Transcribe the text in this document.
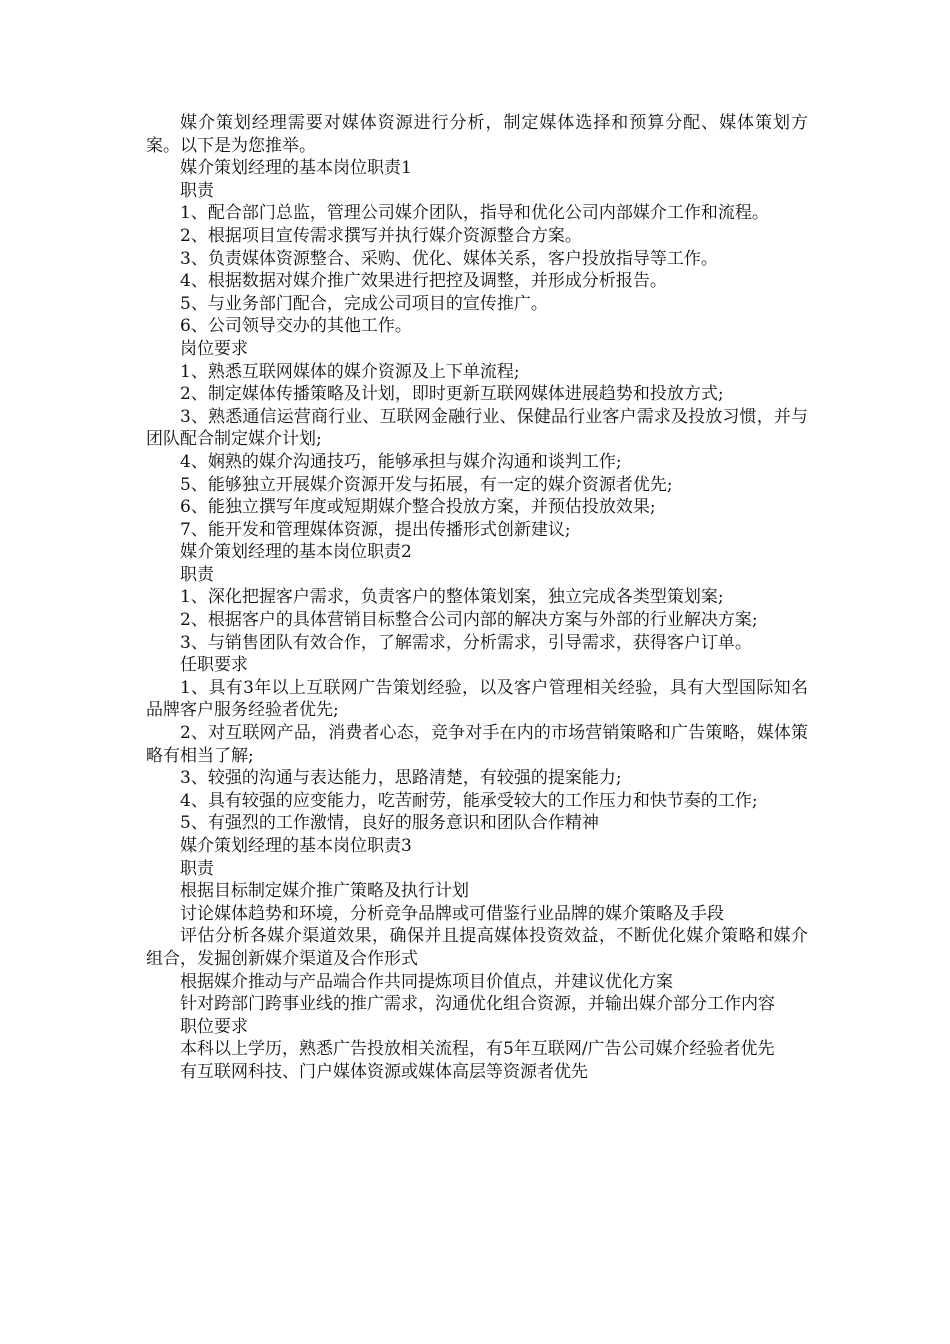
媒介策划经理需要对媒体资源进行分析，制定媒体选择和预算分配、媒体策划方案。以下是为您推举。

媒介策划经理的基本岗位职责1

职责

1、配合部门总监，管理公司媒介团队，指导和优化公司内部媒介工作和流程。

2、根据项目宣传需求撰写并执行媒介资源整合方案。

3、负责媒体资源整合、采购、优化、媒体关系，客户投放指导等工作。

4、根据数据对媒介推广效果进行把控及调整，并形成分析报告。

5、与业务部门配合，完成公司项目的宣传推广。

6、公司领导交办的其他工作。

岗位要求

1、熟悉互联网媒体的媒介资源及上下单流程;

2、制定媒体传播策略及计划，即时更新互联网媒体进展趋势和投放方式;

3、熟悉通信运营商行业、互联网金融行业、保健品行业客户需求及投放习惯，并与团队配合制定媒介计划;

4、娴熟的媒介沟通技巧，能够承担与媒介沟通和谈判工作;

5、能够独立开展媒介资源开发与拓展，有一定的媒介资源者优先;

6、能独立撰写年度或短期媒介整合投放方案，并预估投放效果;

7、能开发和管理媒体资源，提出传播形式创新建议;

媒介策划经理的基本岗位职责2

职责

1、深化把握客户需求，负责客户的整体策划案，独立完成各类型策划案;

2、根据客户的具体营销目标整合公司内部的解决方案与外部的行业解决方案;

3、与销售团队有效合作，了解需求，分析需求，引导需求，获得客户订单。

任职要求

1、具有3年以上互联网广告策划经验，以及客户管理相关经验，具有大型国际知名品牌客户服务经验者优先;

2、对互联网产品，消费者心态，竞争对手在内的市场营销策略和广告策略，媒体策略有相当了解;

3、较强的沟通与表达能力，思路清楚，有较强的提案能力;

4、具有较强的应变能力，吃苦耐劳，能承受较大的工作压力和快节奏的工作;

5、有强烈的工作激情，良好的服务意识和团队合作精神

媒介策划经理的基本岗位职责3

职责

根据目标制定媒介推广策略及执行计划

讨论媒体趋势和环境，分析竞争品牌或可借鉴行业品牌的媒介策略及手段

评估分析各媒介渠道效果，确保并且提高媒体投资效益，不断优化媒介策略和媒介组合，发掘创新媒介渠道及合作形式

根据媒介推动与产品端合作共同提炼项目价值点，并建议优化方案

针对跨部门跨事业线的推广需求，沟通优化组合资源，并输出媒介部分工作内容

职位要求

本科以上学历，熟悉广告投放相关流程，有5年互联网/广告公司媒介经验者优先

有互联网科技、门户媒体资源或媒体高层等资源者优先
